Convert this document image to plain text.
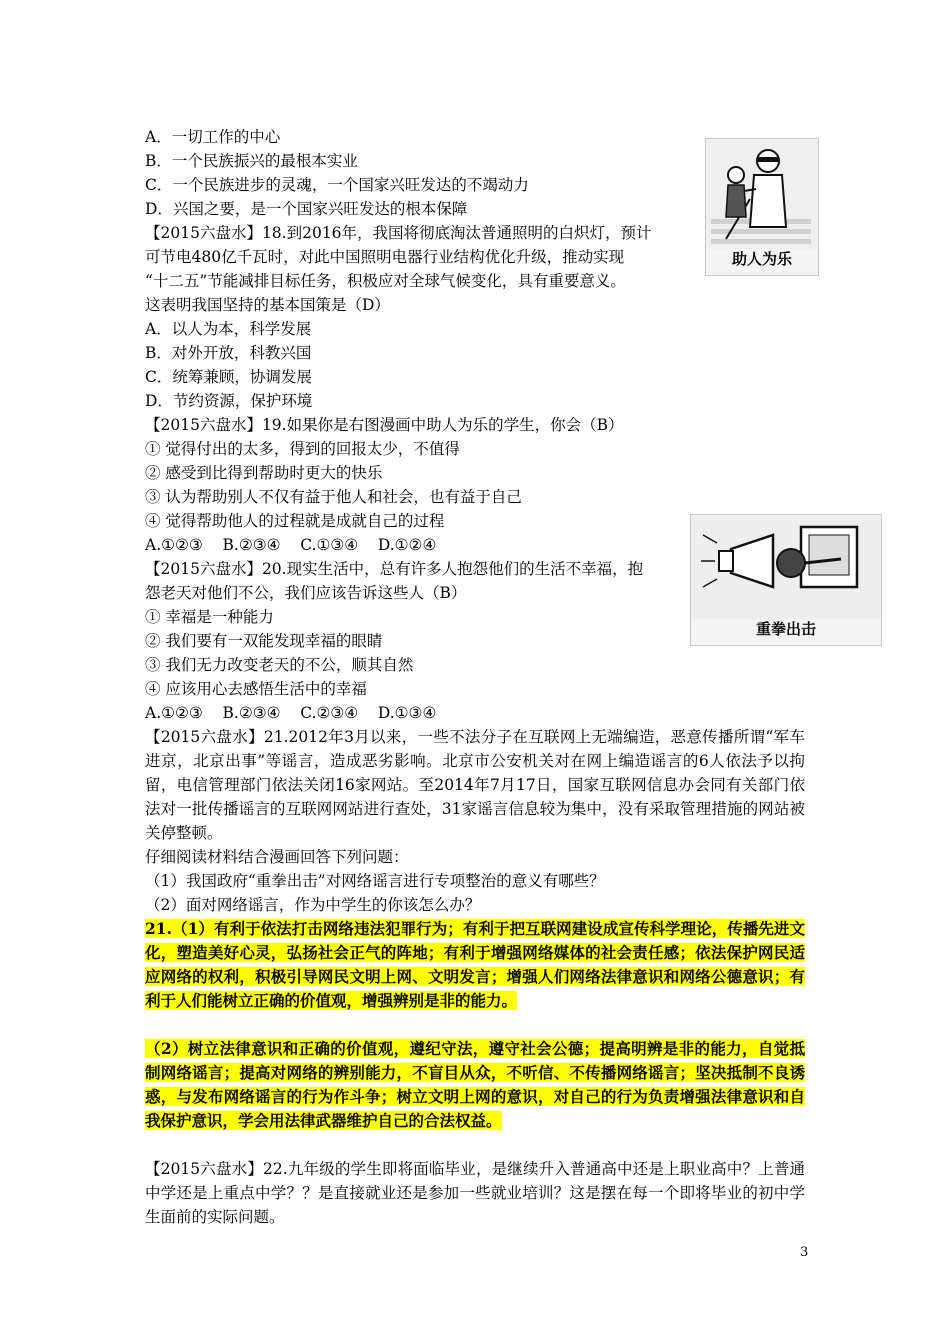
A．一切工作的中心
B．一个民族振兴的最根本实业
C．一个民族进步的灵魂，一个国家兴旺发达的不竭动力
D．兴国之要，是一个国家兴旺发达的根本保障
【2015六盘水】18.到2016年，我国将彻底淘汰普通照明的白炽灯，预计
可节电480亿千瓦时，对此中国照明电器行业结构优化升级，推动实现
“十二五”节能减排目标任务，积极应对全球气候变化，具有重要意义。
这表明我国坚持的基本国策是（D）
A．以人为本，科学发展
B．对外开放，科教兴国
C．统筹兼顾，协调发展
D．节约资源，保护环境
【2015六盘水】19.如果你是右图漫画中助人为乐的学生，你会（B）
① 觉得付出的太多，得到的回报太少，不值得
② 感受到比得到帮助时更大的快乐
③ 认为帮助别人不仅有益于他人和社会，也有益于自己
④ 觉得帮助他人的过程就是成就自己的过程
A.①②③    B.②③④    C.①③④    D.①②④
【2015六盘水】20.现实生活中，总有许多人抱怨他们的生活不幸福，抱
怨老天对他们不公，我们应该告诉这些人（B）
① 幸福是一种能力
② 我们要有一双能发现幸福的眼睛
③ 我们无力改变老天的不公，顺其自然
④ 应该用心去感悟生活中的幸福
A.①②③    B.②③④    C.②③④    D.①③④
【2015六盘水】21.2012年3月以来，一些不法分子在互联网上无端编造，恶意传播所谓“军车进京，北京出事”等谣言，造成恶劣影响。北京市公安机关对在网上编造谣言的6人依法予以拘留，电信管理部门依法关闭16家网站。至2014年7月17日，国家互联网信息办会同有关部门依法对一批传播谣言的互联网网站进行查处，31家谣言信息较为集中，没有采取管理措施的网站被关停整顿。
仔细阅读材料结合漫画回答下列问题：
（1）我国政府“重拳出击”对网络谣言进行专项整治的意义有哪些？
（2）面对网络谣言，作为中学生的你该怎么办？
21.（1）有利于依法打击网络违法犯罪行为；有利于把互联网建设成宣传科学理论，传播先进文化，塑造美好心灵，弘扬社会正气的阵地；有利于增强网络媒体的社会责任感；依法保护网民适应网络的权利，积极引导网民文明上网、文明发言；增强人们网络法律意识和网络公德意识；有利于人们能树立正确的价值观，增强辨别是非的能力。
（2）树立法律意识和正确的价值观，遵纪守法，遵守社会公德；提高明辨是非的能力，自觉抵制网络谣言；提高对网络的辨别能力，不盲目从众，不听信、不传播网络谣言；坚决抵制不良诱惑，与发布网络谣言的行为作斗争；树立文明上网的意识，对自己的行为负责增强法律意识和自我保护意识，学会用法律武器维护自己的合法权益。
【2015六盘水】22.九年级的学生即将面临毕业，是继续升入普通高中还是上职业高中？上普通中学还是上重点中学？？是直接就业还是参加一些就业培训？这是摆在每一个即将毕业的初中学生面前的实际问题。
助人为乐
重拳出击
3
